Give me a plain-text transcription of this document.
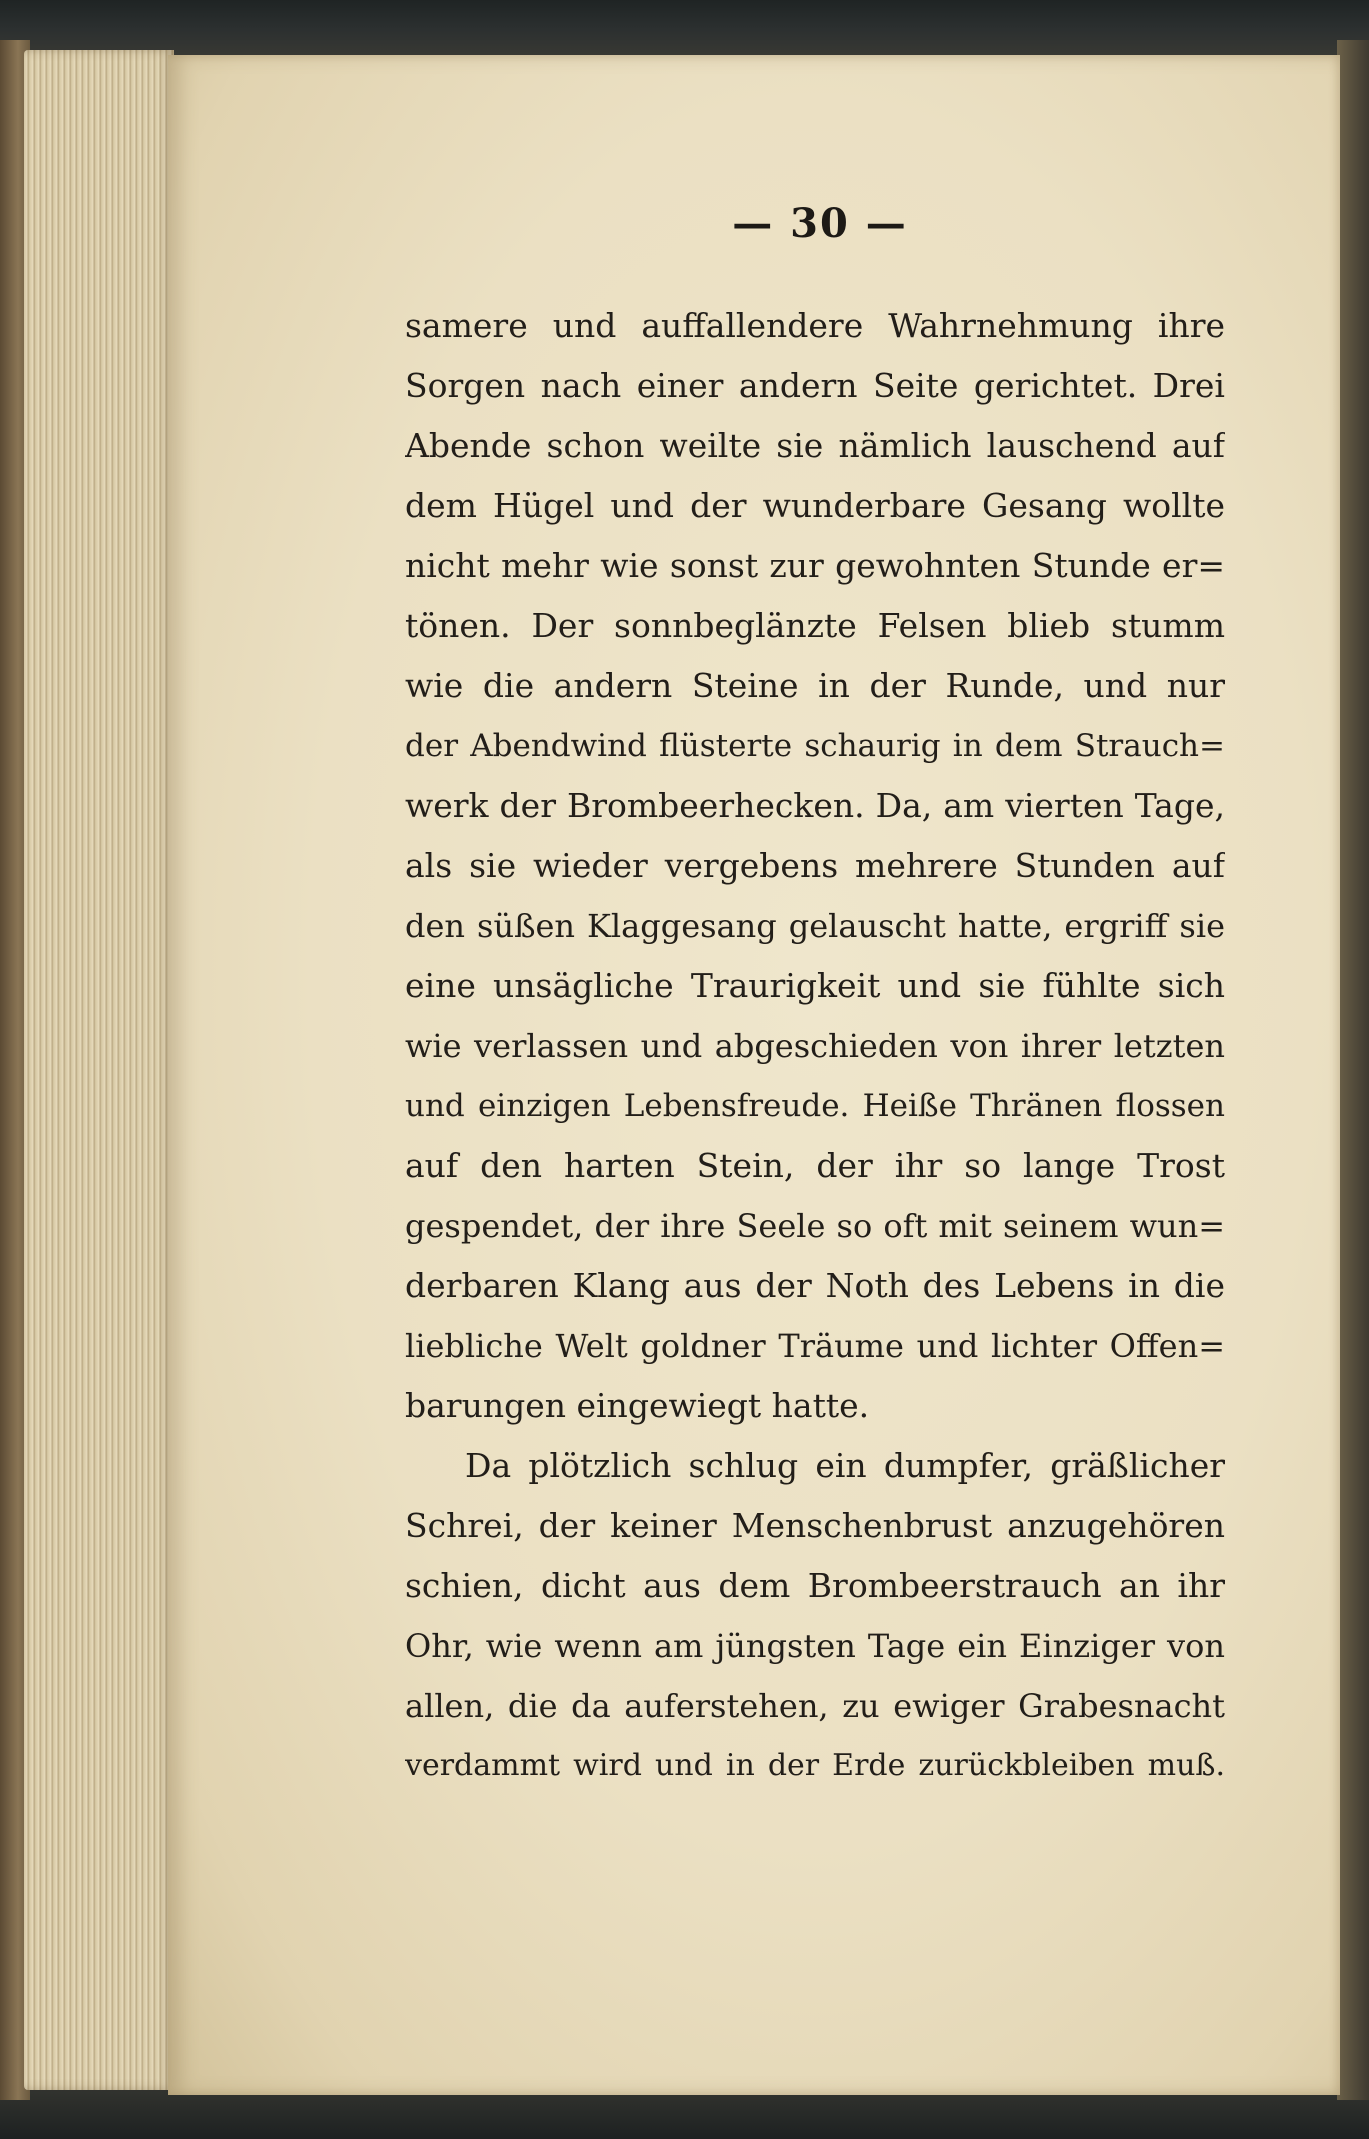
— 30 —
samere und auffallendere Wahrnehmung ihre
Sorgen nach einer andern Seite gerichtet. Drei
Abende schon weilte sie nämlich lauschend auf
dem Hügel und der wunderbare Gesang wollte
nicht mehr wie sonst zur gewohnten Stunde er=
tönen. Der sonnbeglänzte Felsen blieb stumm
wie die andern Steine in der Runde, und nur
der Abendwind flüsterte schaurig in dem Strauch=
werk der Brombeerhecken. Da, am vierten Tage,
als sie wieder vergebens mehrere Stunden auf
den süßen Klaggesang gelauscht hatte, ergriff sie
eine unsägliche Traurigkeit und sie fühlte sich
wie verlassen und abgeschieden von ihrer letzten
und einzigen Lebensfreude. Heiße Thränen flossen
auf den harten Stein, der ihr so lange Trost
gespendet, der ihre Seele so oft mit seinem wun=
derbaren Klang aus der Noth des Lebens in die
liebliche Welt goldner Träume und lichter Offen=
barungen eingewiegt hatte.
Da plötzlich schlug ein dumpfer, gräßlicher
Schrei, der keiner Menschenbrust anzugehören
schien, dicht aus dem Brombeerstrauch an ihr
Ohr, wie wenn am jüngsten Tage ein Einziger von
allen, die da auferstehen, zu ewiger Grabesnacht
verdammt wird und in der Erde zurückbleiben muß.
